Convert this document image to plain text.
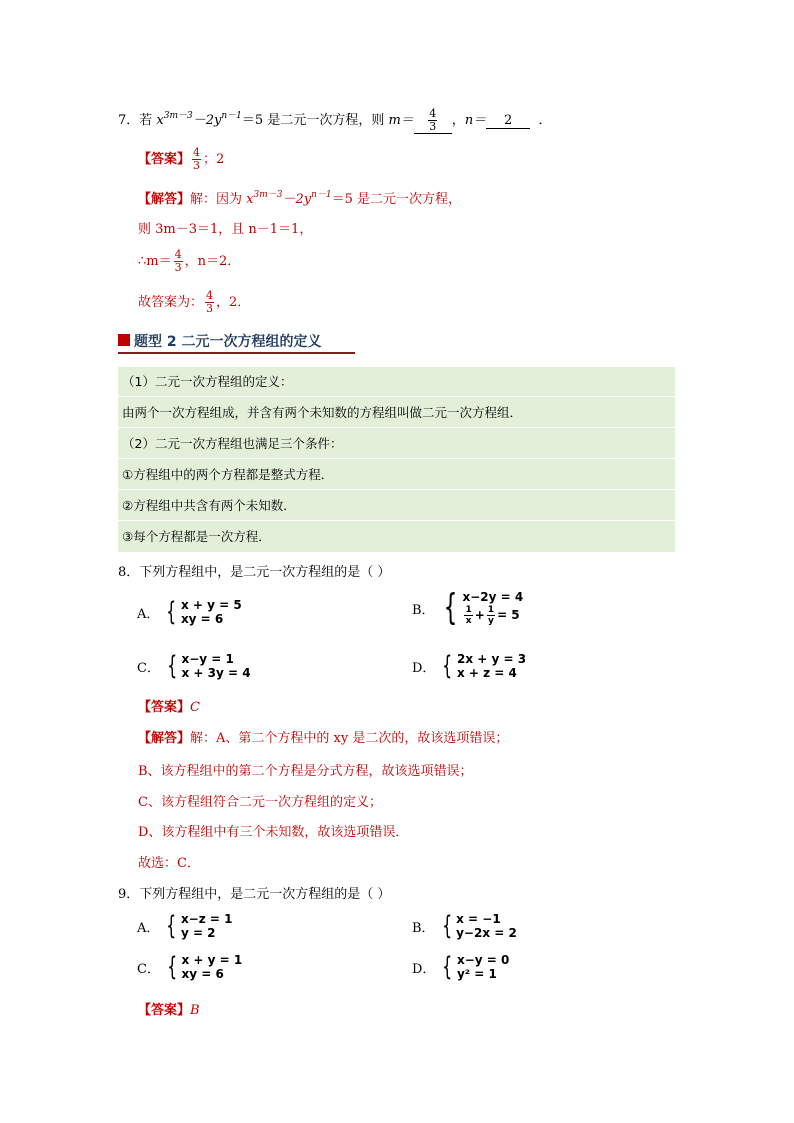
7．若 $x^{3m-3}-2y^{n-1}=5$ 是二元一次方程，则 $m= \frac{4}{3}$ ，n＝ 2 ．
【答案】 $\frac{4}{3}$ ；2
【解答】解：因为 $x^{3m-3}-2y^{n-1}=5$ 是二元一次方程，
则 3m－3＝1，且 n－1＝1，
∴m＝ $\frac{4}{3}$ ，n＝2．
故答案为： $\frac{4}{3}$ ，2．
题型 2 二元一次方程组的定义
（1）二元一次方程组的定义：
由两个一次方程组成，并含有两个未知数的方程组叫做二元一次方程组．
（2）二元一次方程组也满足三个条件：
①方程组中的两个方程都是整式方程．
②方程组中共含有两个未知数．
③每个方程都是一次方程．
8．下列方程组中，是二元一次方程组的是（ ）
A． { x + y = 5
xy = 6
B． { x−2y = 4
$\frac{1}{x} + \frac{1}{y} = 5$
C． { x−y = 1
x + 3y = 4	D． { 2x + y = 3
x + z = 4
【答案】C
【解答】解：A、第二个方程中的 xy 是二次的，故该选项错误；
B、该方程组中的第二个方程是分式方程，故该选项错误；
C、该方程组符合二元一次方程组的定义；
D、该方程组中有三个未知数，故该选项错误．
故选：C．
9．下列方程组中，是二元一次方程组的是（ ）
A． { x−z = 1
y = 2	B． { x = −1
y−2x = 2
C． { x + y = 1
xy = 6	D． { x−y = 0
y² = 1
【答案】B
